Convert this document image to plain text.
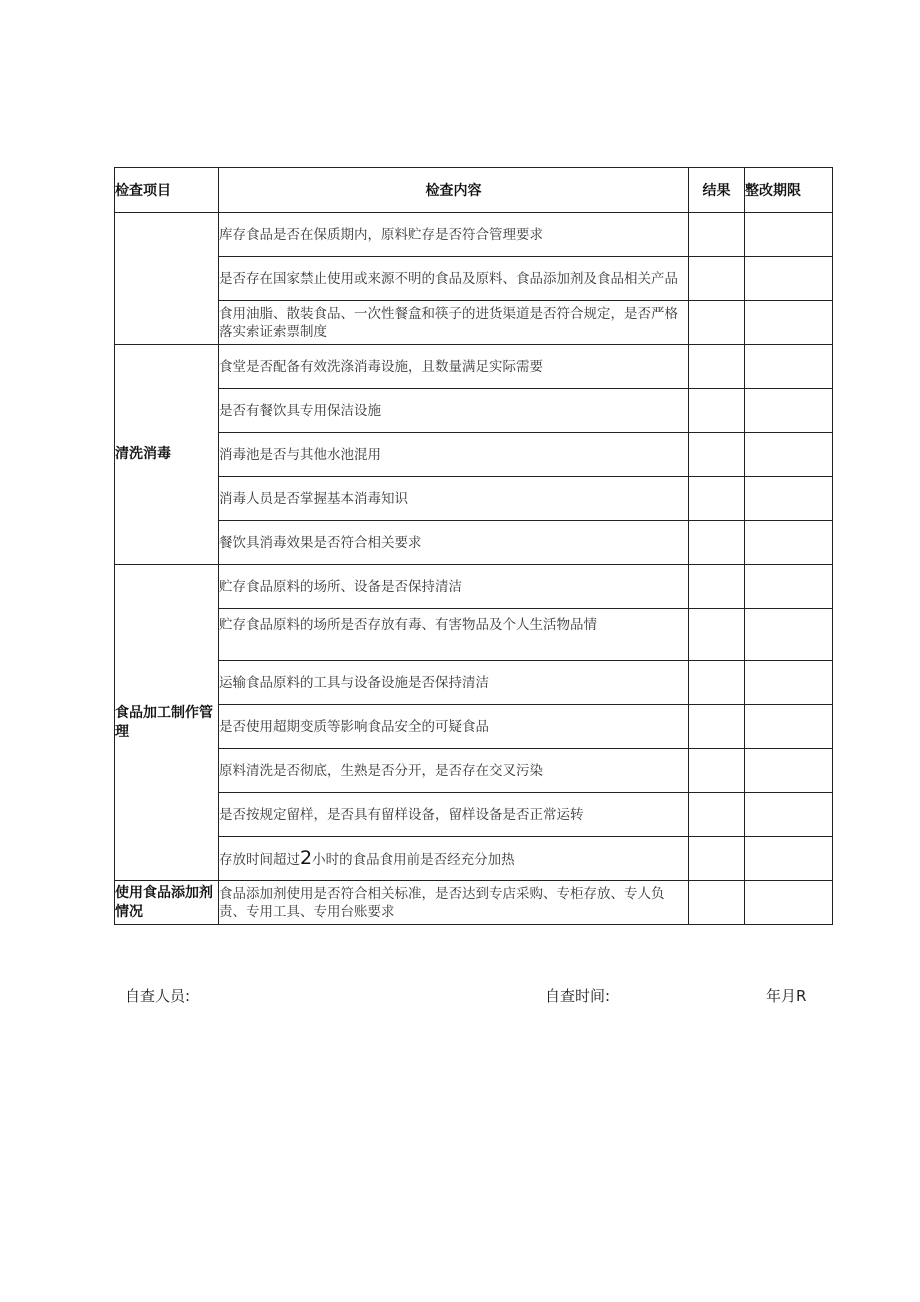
检查项目	检查内容	结果	整改期限
	库存食品是否在保质期内，原料贮存是否符合管理要求		
	是否存在国家禁止使用或来源不明的食品及原料、食品添加剂及食品相关产品		
	食用油脂、散装食品、一次性餐盒和筷子的进货渠道是否符合规定，是否严格落实索证索票制度		
清洗消毒	食堂是否配备有效洗涤消毒设施，且数量满足实际需要		
	是否有餐饮具专用保洁设施		
	消毒池是否与其他水池混用		
	消毒人员是否掌握基本消毒知识		
	餐饮具消毒效果是否符合相关要求		
食品加工制作管理	贮存食品原料的场所、设备是否保持清洁		
	贮存食品原料的场所是否存放有毒、有害物品及个人生活物品情		
	运输食品原料的工具与设备设施是否保持清洁		
	是否使用超期变质等影响食品安全的可疑食品		
	原料清洗是否彻底，生熟是否分开，是否存在交叉污染		
	是否按规定留样，是否具有留样设备，留样设备是否正常运转		
	存放时间超过2小时的食品食用前是否经充分加热		
使用食品添加剂情况	食品添加剂使用是否符合相关标准，是否达到专店采购、专柜存放、专人负责、专用工具、专用台账要求		
自查人员:	自查时间:	年月R
